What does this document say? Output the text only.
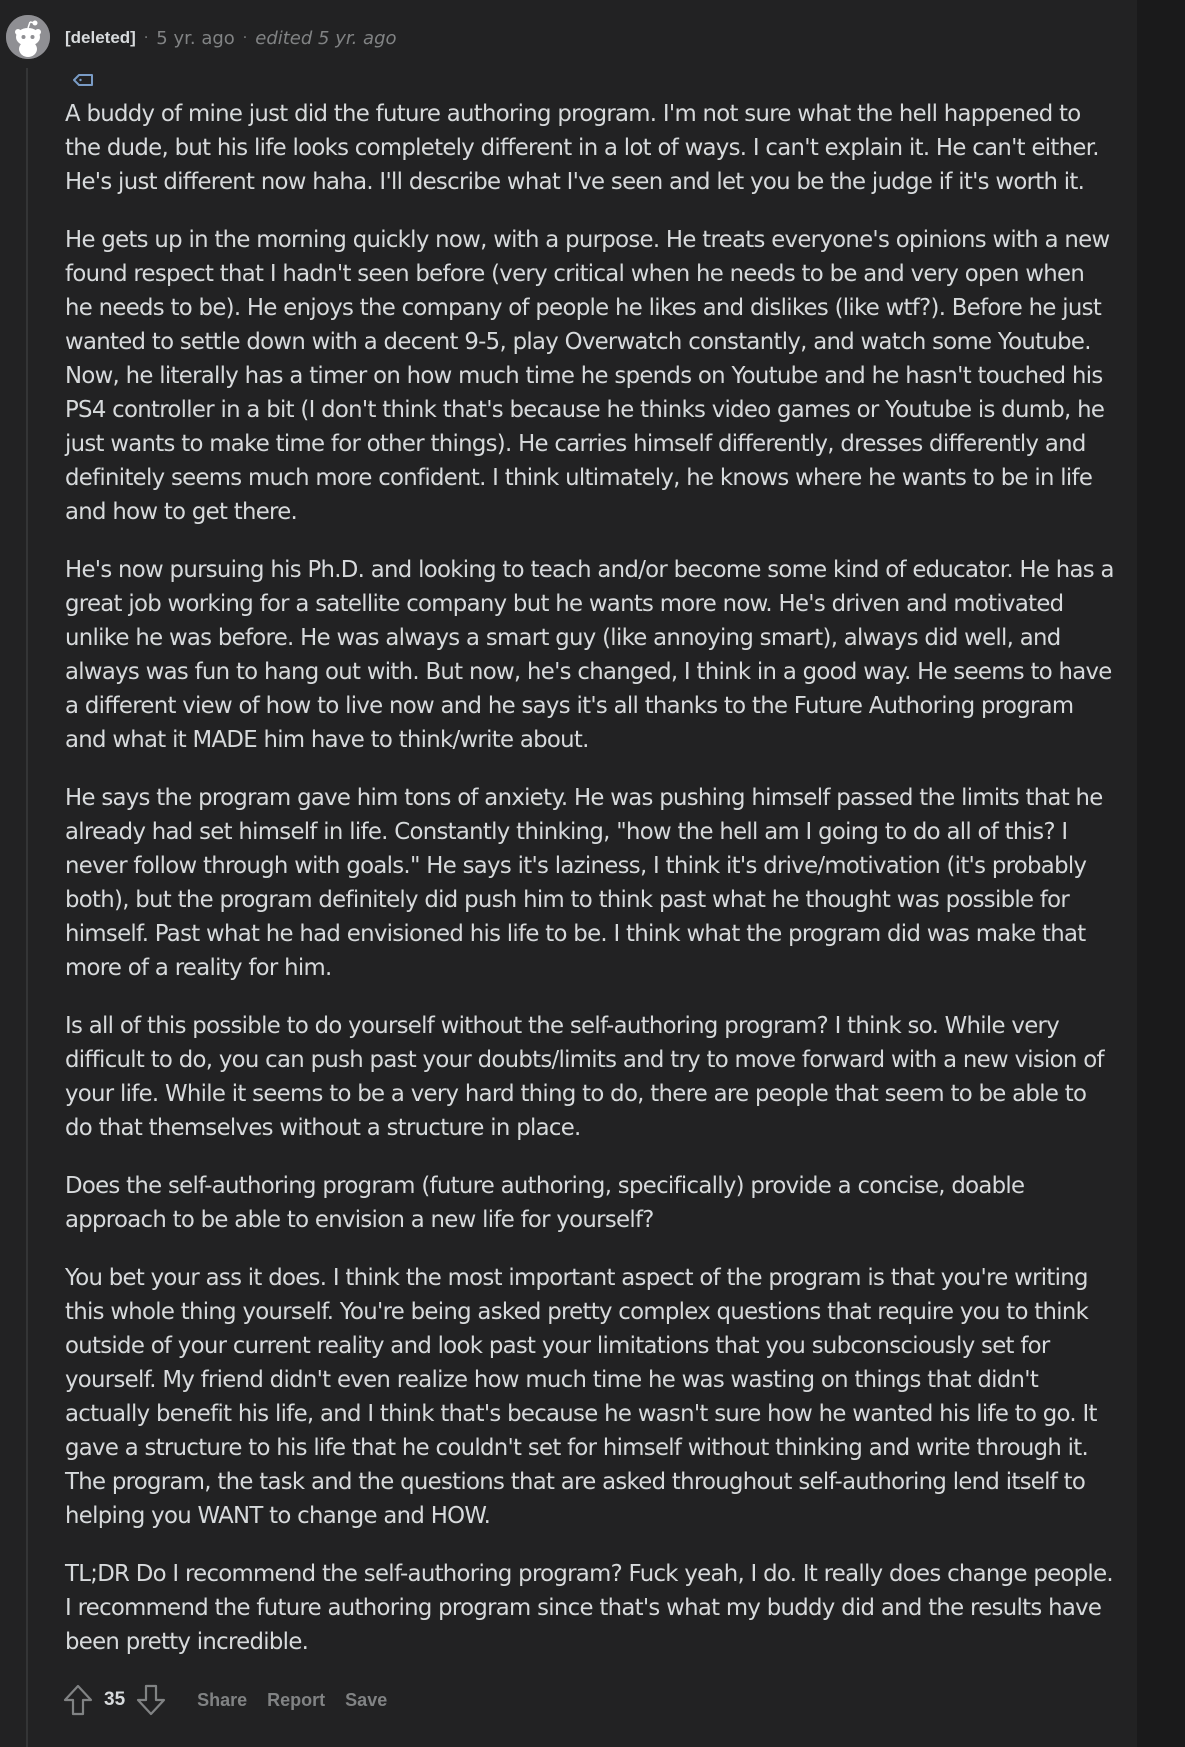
[deleted] · 5 yr. ago · edited 5 yr. ago

A buddy of mine just did the future authoring program. I'm not sure what the hell happened to the dude, but his life looks completely different in a lot of ways. I can't explain it. He can't either. He's just different now haha. I'll describe what I've seen and let you be the judge if it's worth it.

He gets up in the morning quickly now, with a purpose. He treats everyone's opinions with a new found respect that I hadn't seen before (very critical when he needs to be and very open when he needs to be). He enjoys the company of people he likes and dislikes (like wtf?). Before he just wanted to settle down with a decent 9-5, play Overwatch constantly, and watch some Youtube. Now, he literally has a timer on how much time he spends on Youtube and he hasn't touched his PS4 controller in a bit (I don't think that's because he thinks video games or Youtube is dumb, he just wants to make time for other things). He carries himself differently, dresses differently and definitely seems much more confident. I think ultimately, he knows where he wants to be in life and how to get there.

He's now pursuing his Ph.D. and looking to teach and/or become some kind of educator. He has a great job working for a satellite company but he wants more now. He's driven and motivated unlike he was before. He was always a smart guy (like annoying smart), always did well, and always was fun to hang out with. But now, he's changed, I think in a good way. He seems to have a different view of how to live now and he says it's all thanks to the Future Authoring program and what it MADE him have to think/write about.

He says the program gave him tons of anxiety. He was pushing himself passed the limits that he already had set himself in life. Constantly thinking, "how the hell am I going to do all of this? I never follow through with goals." He says it's laziness, I think it's drive/motivation (it's probably both), but the program definitely did push him to think past what he thought was possible for himself. Past what he had envisioned his life to be. I think what the program did was make that more of a reality for him.

Is all of this possible to do yourself without the self-authoring program? I think so. While very difficult to do, you can push past your doubts/limits and try to move forward with a new vision of your life. While it seems to be a very hard thing to do, there are people that seem to be able to do that themselves without a structure in place.

Does the self-authoring program (future authoring, specifically) provide a concise, doable approach to be able to envision a new life for yourself?

You bet your ass it does. I think the most important aspect of the program is that you're writing this whole thing yourself. You're being asked pretty complex questions that require you to think outside of your current reality and look past your limitations that you subconsciously set for yourself. My friend didn't even realize how much time he was wasting on things that didn't actually benefit his life, and I think that's because he wasn't sure how he wanted his life to go. It gave a structure to his life that he couldn't set for himself without thinking and write through it. The program, the task and the questions that are asked throughout self-authoring lend itself to helping you WANT to change and HOW.

TL;DR Do I recommend the self-authoring program? Fuck yeah, I do. It really does change people. I recommend the future authoring program since that's what my buddy did and the results have been pretty incredible.

35	Share Report Save
